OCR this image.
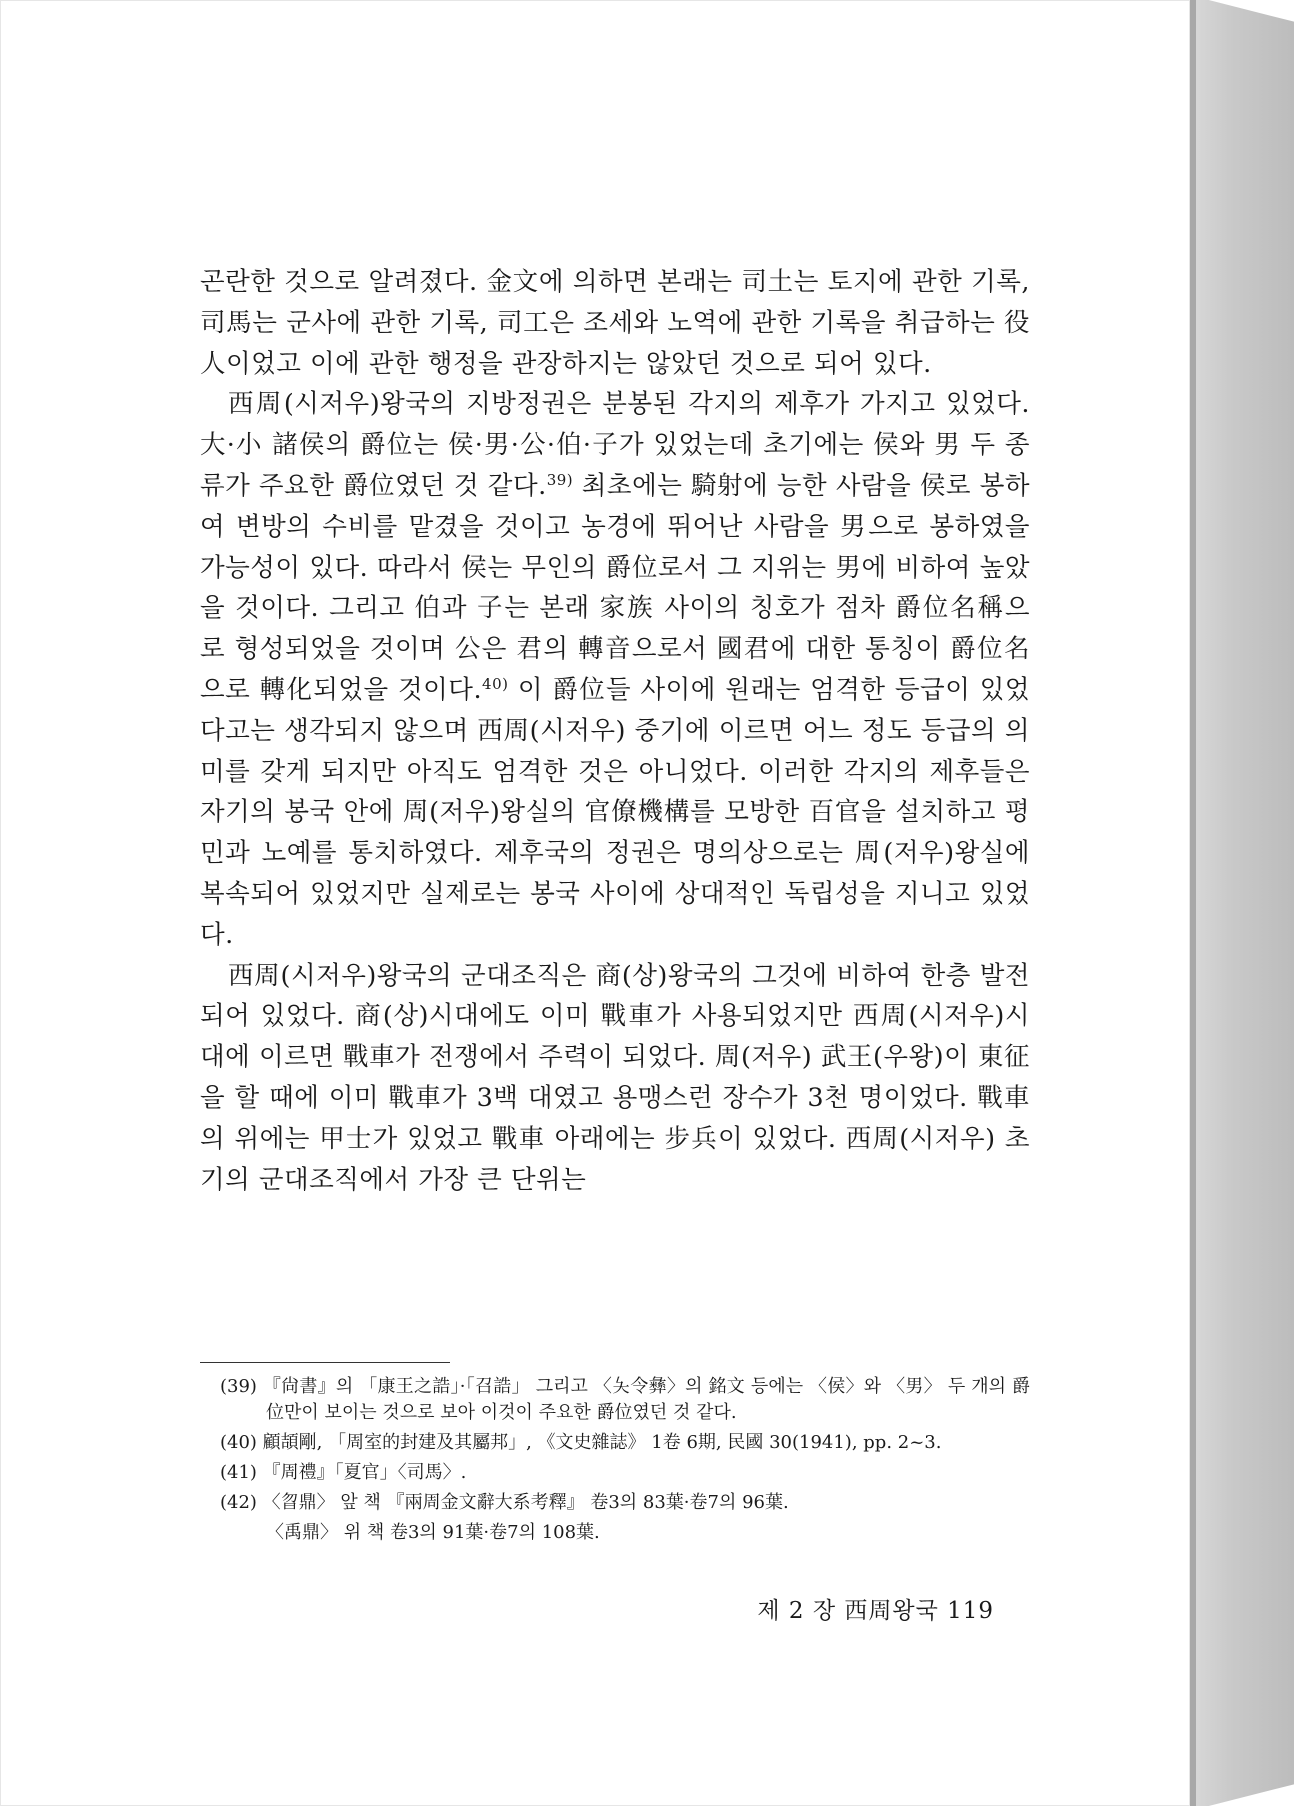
곤란한 것으로 알려졌다. 金文에 의하면 본래는 司土는 토지에 관한 기록, 司馬는 군사에 관한 기록, 司工은 조세와 노역에 관한 기록을 취급하는 役人이었고 이에 관한 행정을 관장하지는 않았던 것으로 되어 있다.

西周(시저우)왕국의 지방정권은 분봉된 각지의 제후가 가지고 있었다. 大·小 諸侯의 爵位는 侯·男·公·伯·子가 있었는데 초기에는 侯와 男 두 종류가 주요한 爵位였던 것 같다.$^{39)}$ 최초에는 騎射에 능한 사람을 侯로 봉하여 변방의 수비를 맡겼을 것이고 농경에 뛰어난 사람을 男으로 봉하였을 가능성이 있다. 따라서 侯는 무인의 爵位로서 그 지위는 男에 비하여 높았을 것이다. 그리고 伯과 子는 본래 家族 사이의 칭호가 점차 爵位名稱으로 형성되었을 것이며 公은 君의 轉音으로서 國君에 대한 통칭이 爵位名으로 轉化되었을 것이다.$^{40)}$ 이 爵位들 사이에 원래는 엄격한 등급이 있었다고는 생각되지 않으며 西周(시저우) 중기에 이르면 어느 정도 등급의 의미를 갖게 되지만 아직도 엄격한 것은 아니었다. 이러한 각지의 제후들은 자기의 봉국 안에 周(저우)왕실의 官僚機構를 모방한 百官을 설치하고 평민과 노예를 통치하였다. 제후국의 정권은 명의상으로는 周(저우)왕실에 복속되어 있었지만 실제로는 봉국 사이에 상대적인 독립성을 지니고 있었다.

西周(시저우)왕국의 군대조직은 商(상)왕국의 그것에 비하여 한층 발전되어 있었다. 商(상)시대에도 이미 戰車가 사용되었지만 西周(시저우)시대에 이르면 戰車가 전쟁에서 주력이 되었다. 周(저우) 武王(우왕)이 東征을 할 때에 이미 戰車가 3백 대였고 용맹스런 장수가 3천 명이었다. 戰車의 위에는 甲士가 있었고 戰車 아래에는 步兵이 있었다. 西周(시저우) 초기의 군대조직에서 가장 큰 단위는

(39) 『尙書』의 「康王之誥」·「召誥」 그리고 〈夨令彝〉의 銘文 등에는 〈侯〉와 〈男〉 두 개의 爵位만이 보이는 것으로 보아 이것이 주요한 爵位였던 것 같다.

(40) 顧頡剛, 「周室的封建及其屬邦」, 《文史雜誌》 1卷 6期, 民國 30(1941), pp. 2~3.

(41) 『周禮』「夏官」〈司馬〉.

(42) 〈曶鼎〉 앞 책 『兩周金文辭大系考釋』 卷3의 83葉·卷7의 96葉.

〈禹鼎〉 위 책 卷3의 91葉·卷7의 108葉.

제 2 장 西周왕국 119
